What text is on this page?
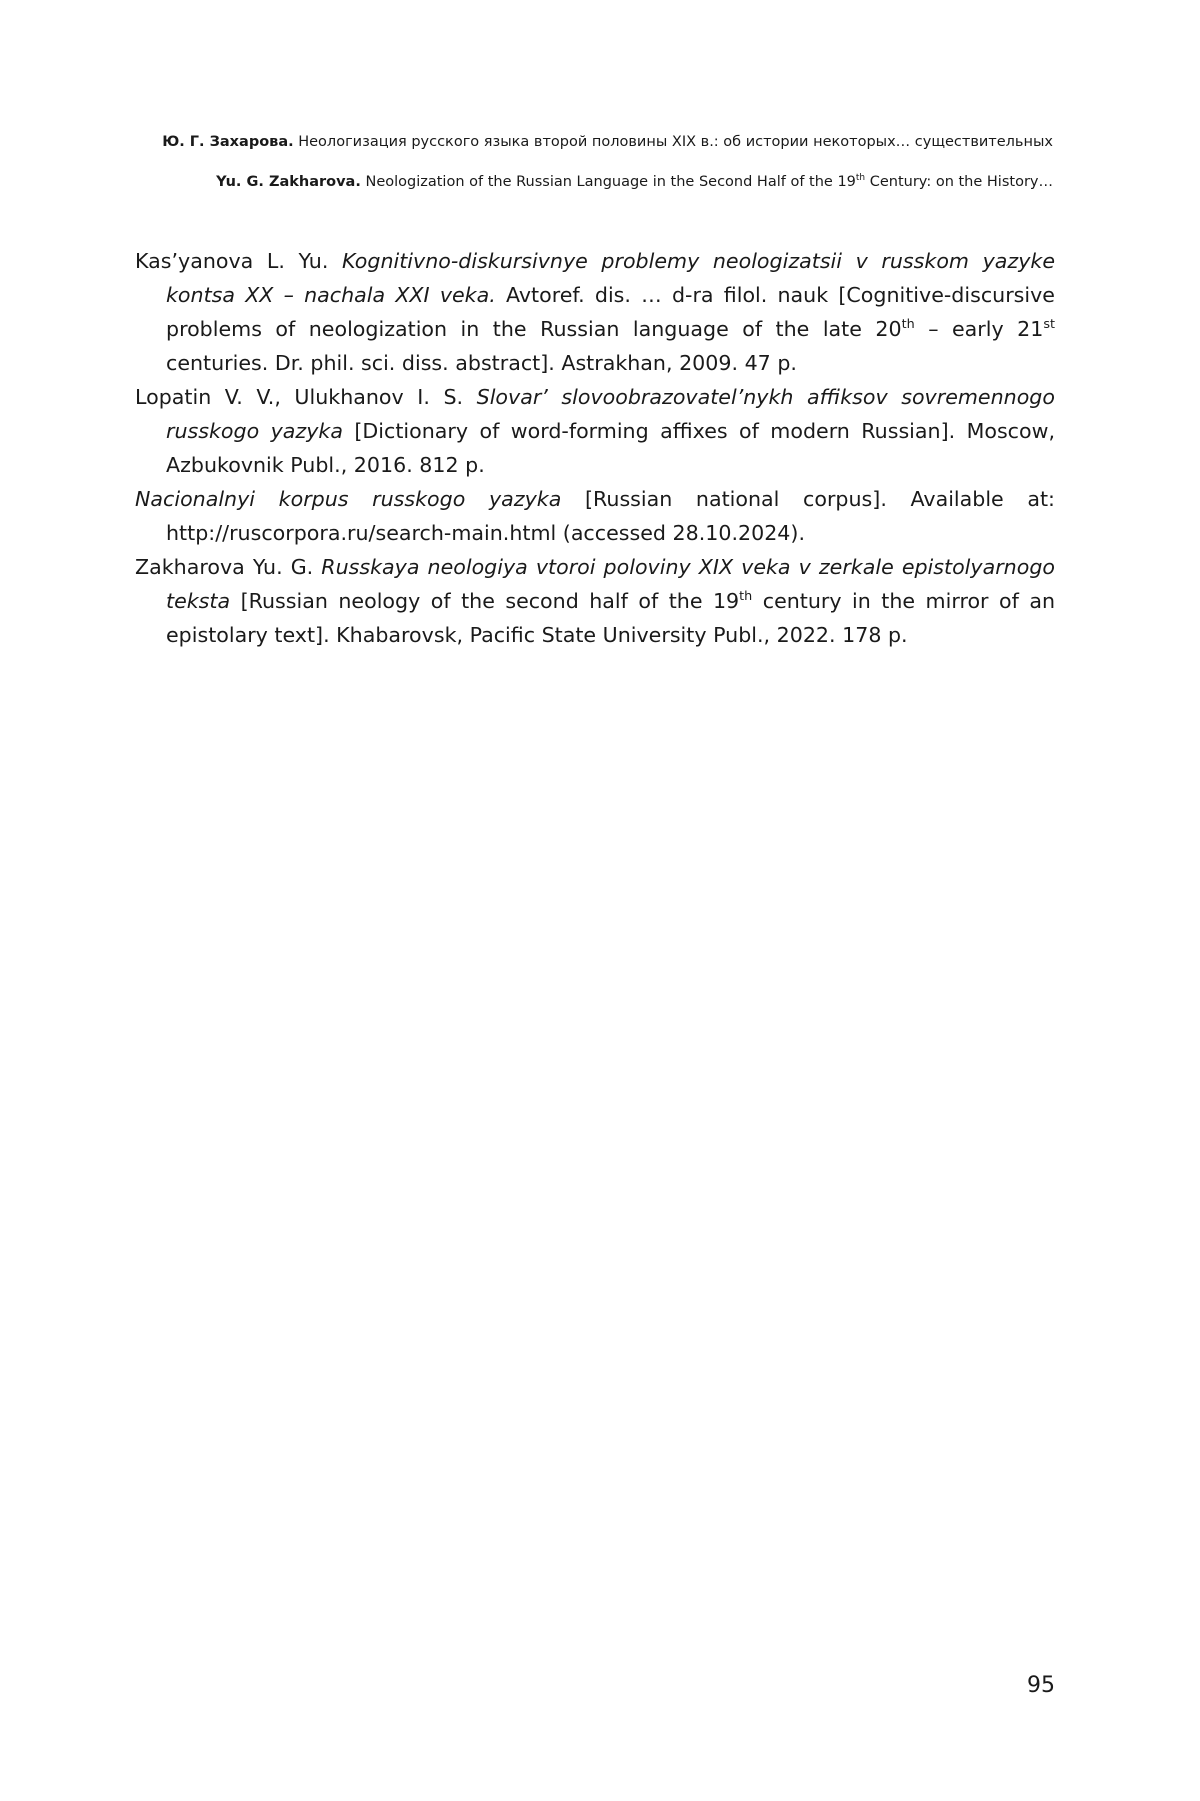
Ю. Г. Захарова. Неологизация русского языка второй половины XIX в.: об истории некоторых… существительных
Yu. G. Zakharova. Neologization of the Russian Language in the Second Half of the 19th Century: on the History…

Kas’yanova L. Yu. Kognitivno-diskursivnye problemy neologizatsii v russkom yazyke kontsa XX – nachala XXI veka. Avtoref. dis. … d-ra filol. nauk [Cognitive-discursive problems of neologization in the Russian language of the late 20th – early 21st centuries. Dr. phil. sci. diss. abstract]. Astrakhan, 2009. 47 p.

Lopatin V. V., Ulukhanov I. S. Slovar’ slovoobrazovatel’nykh affiksov sovremennogo russkogo yazyka [Dictionary of word-forming affixes of modern Russian]. Moscow, Azbukovnik Publ., 2016. 812 p.

Nacionalnyi korpus russkogo yazyka [Russian national corpus]. Available at: http://ruscorpora.ru/search-main.html (accessed 28.10.2024).

Zakharova Yu. G. Russkaya neologiya vtoroi poloviny XIX veka v zerkale epistolyarnogo teksta [Russian neology of the second half of the 19th century in the mirror of an epistolary text]. Khabarovsk, Pacific State University Publ., 2022. 178 p.

95
